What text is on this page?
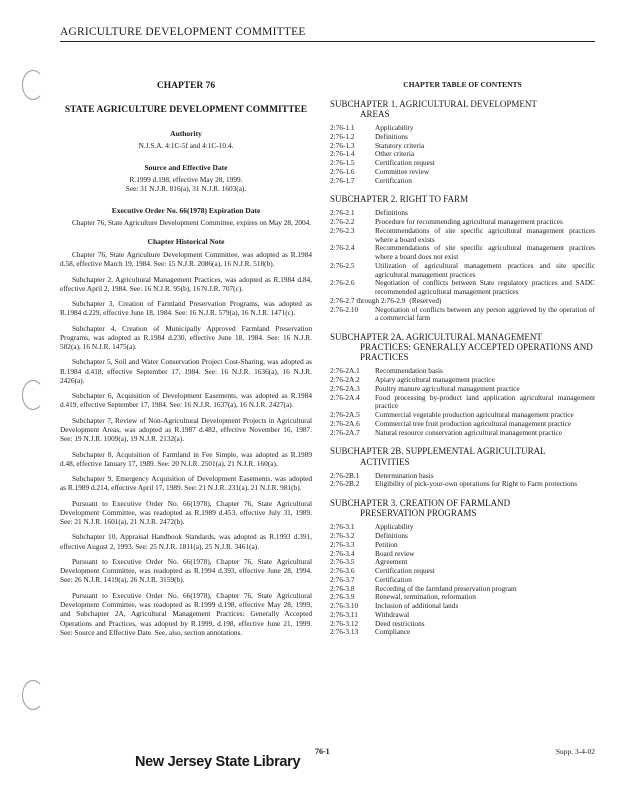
AGRICULTURE DEVELOPMENT COMMITTEE

CHAPTER 76

STATE AGRICULTURE DEVELOPMENT COMMITTEE

Authority

N.J.S.A. 4:1C-5f and 4:1C-10.4.

Source and Effective Date

R.1999 d.198, effective May 28, 1999.

See: 31 N.J.R. 816(a), 31 N.J.R. 1603(a).

Executive Order No. 66(1978) Expiration Date

Chapter 76, State Agriculture Development Committee, expires on May 28, 2004.

Chapter Historical Note

Chapter 76, State Agriculture Development Committee, was adopted as R.1984 d.58, effective March 19, 1984. See: 15 N.J.R. 2086(a), 16 N.J.R. 518(b).

Subchapter 2, Agricultural Management Practices, was adopted as R.1984 d.84, effective April 2, 1984. See: 16 N.J.R. 95(b), 16 N.J.R. 707(c).

Subchapter 3, Creation of Farmland Preservation Programs, was adopted as R.1984 d.229, effective June 18, 1984. See: 16 N.J.R. 579(a), 16 N.J.R. 1471(c).

Subchapter 4, Creation of Municipally Approved Farmland Preservation Programs, was adopted as R.1984 d.230, effective June 18, 1984. See: 16 N.J.R. 582(a), 16 N.J.R. 1475(a).

Subchapter 5, Soil and Water Conservation Project Cost-Sharing, was adopted as R.1984 d.418, effective September 17, 1984. See: 16 N.J.R. 1636(a), 16 N.J.R. 2426(a).

Subchapter 6, Acquisition of Development Easements, was adopted as R.1984 d.419, effective September 17, 1984. See: 16 N.J.R. 1637(a), 16 N.J.R. 2427(a).

Subchapter 7, Review of Non-Agricultural Development Projects in Agricultural Development Areas, was adopted as R.1987 d.482, effective November 16, 1987. See: 19 N.J.R. 1009(a), 19 N.J.R. 2132(a).

Subchapter 8, Acquisition of Farmland in Fee Simple, was adopted as R.1989 d.48, effective January 17, 1989. See: 20 N.J.R. 2501(a), 21 N.J.R. 160(a).

Subchapter 9, Emergency Acquisition of Development Easements, was adopted as R.1989 d.214, effective April 17, 1989. See: 21 N.J.R. 231(a), 21 N.J.R. 981(b).

Pursuant to Executive Order No. 66(1978), Chapter 76, State Agricultural Development Committee, was readopted as R.1989 d.453, effective July 31, 1989. See: 21 N.J.R. 1601(a), 21 N.J.R. 2472(b).

Subchapter 10, Appraisal Handbook Standards, was adopted as R.1993 d.391, effective August 2, 1993. See: 25 N.J.R. 1811(a), 25 N.J.R. 3461(a).

Pursuant to Executive Order No. 66(1978), Chapter 76, State Agricultural Development Committee, was readopted as R.1994 d.393, effective June 28, 1994. See: 26 N.J.R. 1419(a), 26 N.J.R. 3159(b).

Pursuant to Executive Order No. 66(1978), Chapter 76, State Agricultural Development Committee, was readopted as R.1999 d.198, effective May 28, 1999, and Subchapter 2A, Agricultural Management Practices: Generally Accepted Operations and Practices, was adopted by R.1999, d.198, effective June 21, 1999. See: Source and Effective Date. See, also, section annotations.

CHAPTER TABLE OF CONTENTS

SUBCHAPTER 1. AGRICULTURAL DEVELOPMENT
AREAS

2:76-1.1	Applicability
2:76-1.2	Definitions
2:76-1.3	Statutory criteria
2:76-1.4	Other criteria
2:76-1.5	Certification request
2:76-1.6	Committee review
2:76-1.7	Certification

SUBCHAPTER 2. RIGHT TO FARM

2:76-2.1	Definitions
2:76-2.2	Procedure for recommending agricultural management practices
2:76-2.3	Recommendations of site specific agricultural management practices where a board exists
2:76-2.4	Recommendations of site specific agricultural management practices where a board does not exist
2:76-2.5	Utilization of agricultural management practices and site specific agricultural management practices
2:76-2.6	Negotiation of conflicts between State regulatory practices and SADC recommended agricultural management practices
2:76-2.7 through 2:76-2.9 (Reserved)
2:76-2.10	Negotiation of conflicts between any person aggrieved by the operation of a commercial farm

SUBCHAPTER 2A. AGRICULTURAL MANAGEMENT
PRACTICES: GENERALLY ACCEPTED OPERATIONS AND PRACTICES

2:76-2A.1	Recommendation basis
2:76-2A.2	Apiary agricultural management practice
2:76-2A.3	Poultry manure agricultural management practice
2:76-2A.4	Food processing by-product land application agricultural management practice
2:76-2A.5	Commercial vegetable production agricultural management practice
2:76-2A.6	Commercial tree fruit production agricultural management practice
2:76-2A.7	Natural resource conservation agricultural management practice

SUBCHAPTER 2B. SUPPLEMENTAL AGRICULTURAL
ACTIVITIES

2:76-2B.1	Determination basis
2:76-2B.2	Eligibility of pick-your-own operations for Right to Farm protections

SUBCHAPTER 3. CREATION OF FARMLAND
PRESERVATION PROGRAMS

2:76-3.1	Applicability
2:76-3.2	Definitions
2:76-3.3	Petition
2:76-3.4	Board review
2:76-3.5	Agreement
2:76-3.6	Certification request
2:76-3.7	Certification
2:76-3.8	Recording of the farmland preservation program
2:76-3.9	Renewal, termination, reformation
2:76-3.10	Inclusion of additional lands
2:76-3.11	Withdrawal
2:76-3.12	Deed restrictions
2:76-3.13	Compliance
New Jersey State Library
76-1	Supp. 3-4-02
